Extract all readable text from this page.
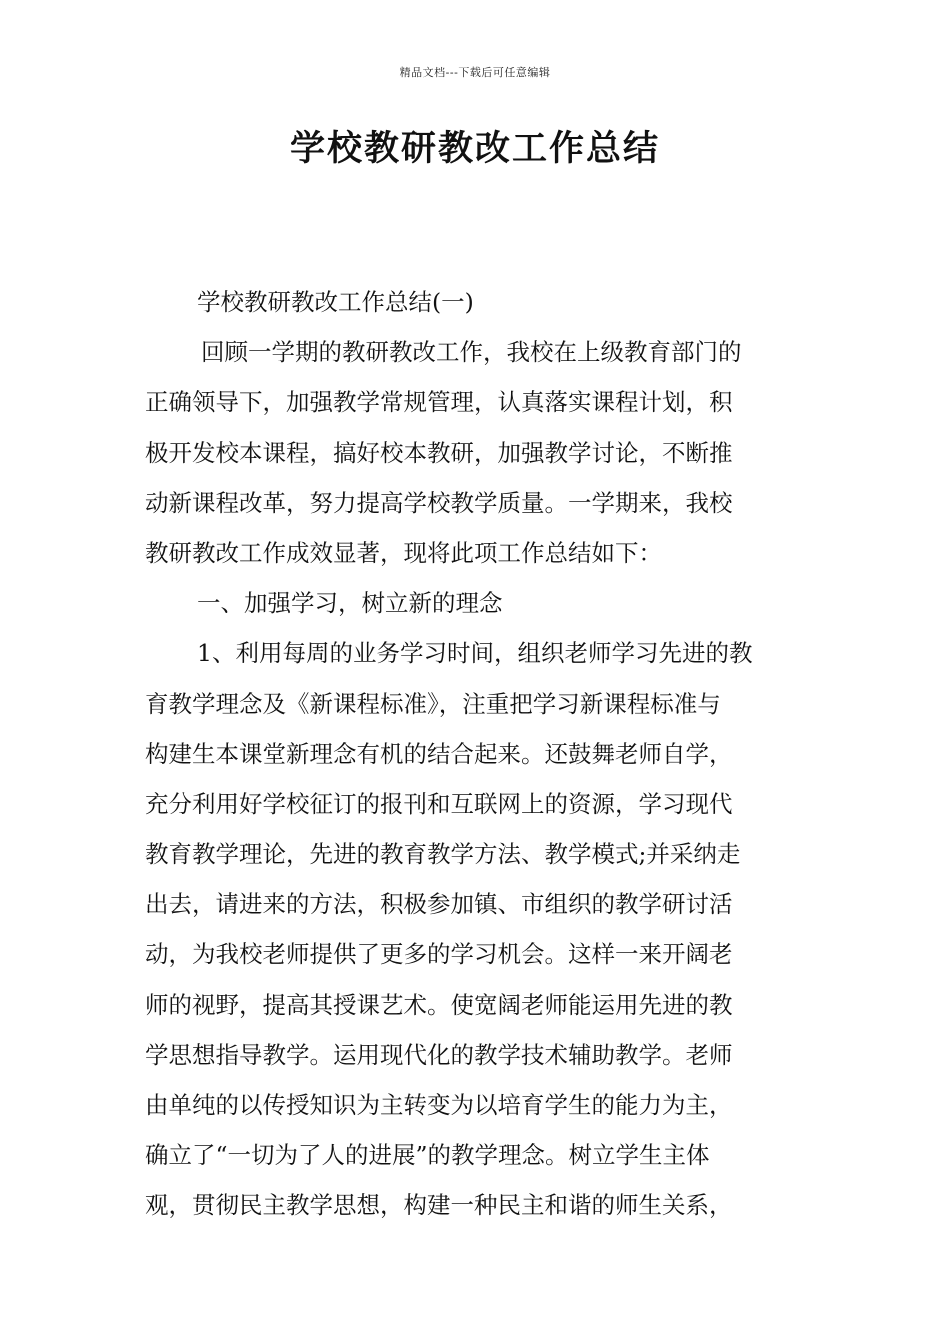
精品文档---下载后可任意编辑
学校教研教改工作总结
学校教研教改工作总结(一)
回顾一学期的教研教改工作，我校在上级教育部门的
正确领导下，加强教学常规管理，认真落实课程计划，积
极开发校本课程，搞好校本教研，加强教学讨论，不断推
动新课程改革，努力提高学校教学质量。一学期来，我校
教研教改工作成效显著，现将此项工作总结如下：
一、加强学习，树立新的理念
1、利用每周的业务学习时间，组织老师学习先进的教
育教学理念及《新课程标准》，注重把学习新课程标准与
构建生本课堂新理念有机的结合起来。还鼓舞老师自学，
充分利用好学校征订的报刊和互联网上的资源，学习现代
教育教学理论，先进的教育教学方法、教学模式;并采纳走
出去，请进来的方法，积极参加镇、市组织的教学研讨活
动，为我校老师提供了更多的学习机会。这样一来开阔老
师的视野，提高其授课艺术。使宽阔老师能运用先进的教
学思想指导教学。运用现代化的教学技术辅助教学。老师
由单纯的以传授知识为主转变为以培育学生的能力为主，
确立了“一切为了人的进展”的教学理念。树立学生主体
观，贯彻民主教学思想，构建一种民主和谐的师生关系，
